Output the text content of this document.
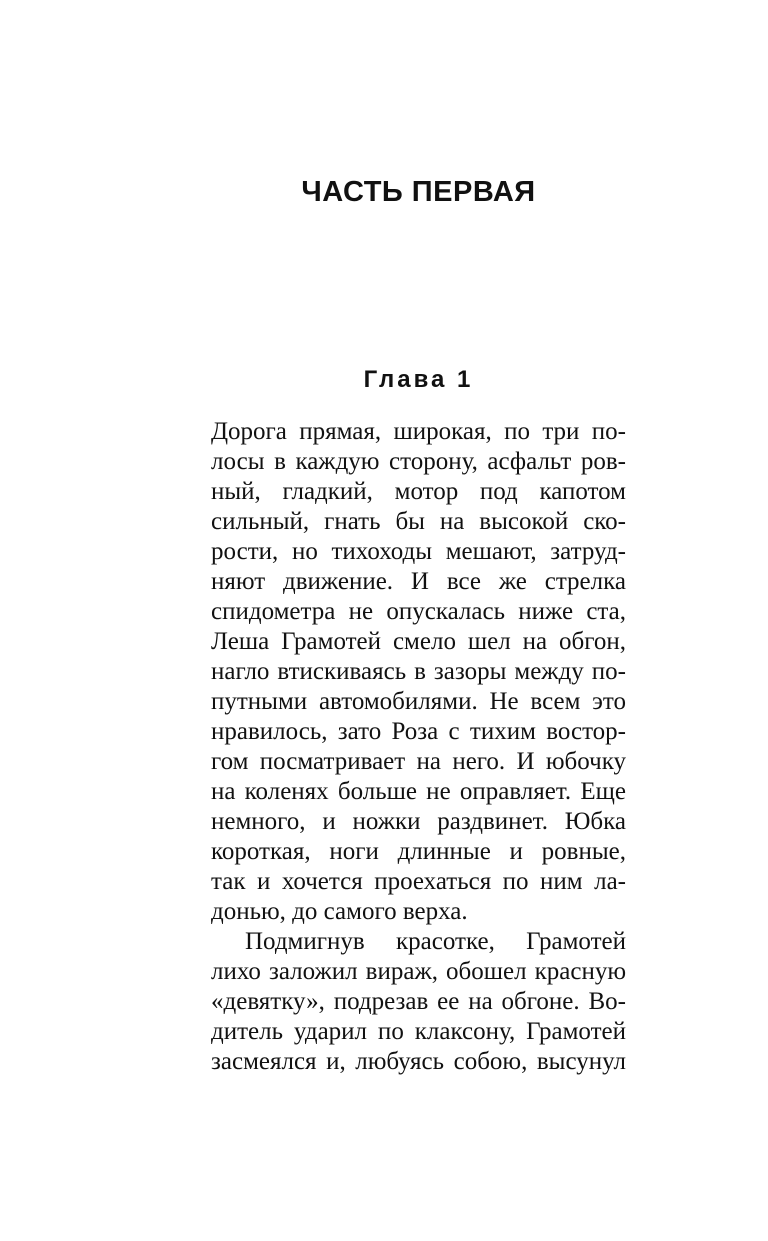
ЧАСТЬ ПЕРВАЯ
Глава 1
Дорога прямая, широкая, по три по-
лосы в каждую сторону, асфальт ров-
ный, гладкий, мотор под капотом
сильный, гнать бы на высокой ско-
рости, но тихоходы мешают, затруд-
няют движение. И все же стрелка
спидометра не опускалась ниже ста,
Леша Грамотей смело шел на обгон,
нагло втискиваясь в зазоры между по-
путными автомобилями. Не всем это
нравилось, зато Роза с тихим востор-
гом посматривает на него. И юбочку
на коленях больше не оправляет. Еще
немного, и ножки раздвинет. Юбка
короткая, ноги длинные и ровные,
так и хочется проехаться по ним ла-
донью, до самого верха.
Подмигнув красотке, Грамотей
лихо заложил вираж, обошел красную
«девятку», подрезав ее на обгоне. Во-
дитель ударил по клаксону, Грамотей
засмеялся и, любуясь собою, высунул
